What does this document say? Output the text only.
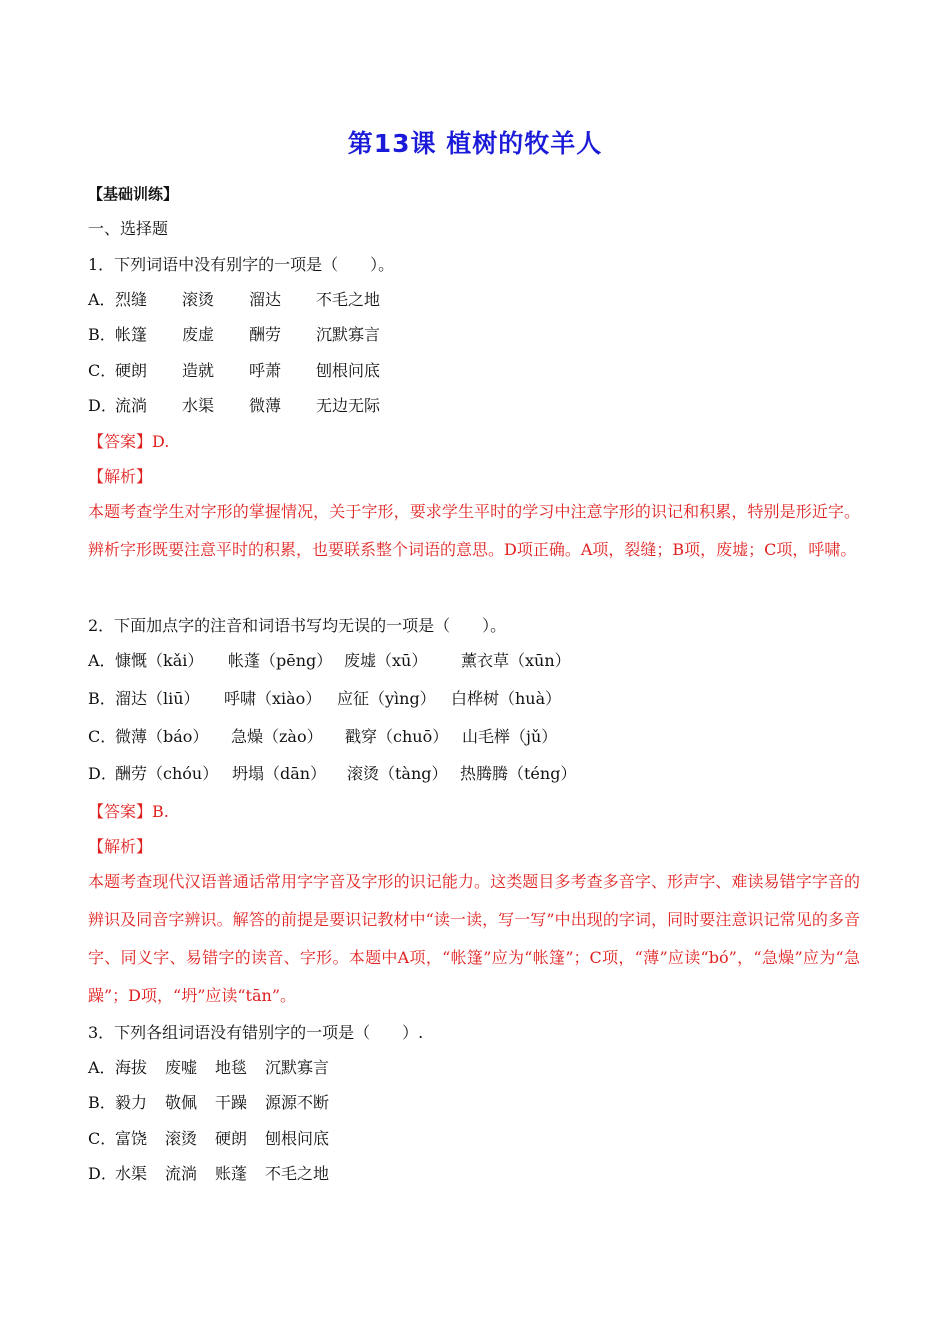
第13课 植树的牧羊人
【基础训练】
一、选择题
1．下列词语中没有别字的一项是（　　）。
A． 烈缝 滚烫 溜达 不毛之地
B． 帐篷 废虚 酬劳 沉默寡言
C．
硬朗 造就 呼萧 刨根问底
D．
流淌 水渠 微薄 无边无际
【答案】D.
【解析】
本题考查学生对字形的掌握情况，关于字形，要求学生平时的学习中注意字形的识记和积累，特别是形近字。辨析字形既要注意平时的积累，也要联系整个词语的意思。D项正确。A项，裂缝；B项，废墟；C项，呼啸。
2．下面加点字的注音和词语书写均无误的一项是（　　）。
A． 慷慨（kǎi） 帐蓬（pēng） 废墟（xū） 薰衣草（xūn）
B． 溜达（liū） 呼啸（xiào） 应征（yìng） 白桦树（huà）
C．
微薄（báo） 急燥（zào） 戳穿（chuō） 山毛榉（jǔ）
D．
酬劳（chóu） 坍塌（dān） 滚烫（tàng） 热腾腾（téng）
【答案】B.
【解析】
本题考查现代汉语普通话常用字字音及字形的识记能力。这类题目多考查多音字、形声字、难读易错字字音的辨识及同音字辨识。解答的前提是要识记教材中“读一读，写一写”中出现的字词，同时要注意识记常见的多音字、同义字、易错字的读音、字形。本题中A项，“帐篷”应为“帐篷”；C项，“薄”应读“bó”，“急燥”应为“急躁”；D项，“坍”应读“tān”。
3．下列各组词语没有错别字的一项是（　　）.
A． 海拔 废嘘 地毯 沉默寡言
B． 毅力 敬佩 干躁 源源不断
C．
富饶 滚烫 硬朗 刨根问底
D．
水渠 流淌 账蓬 不毛之地
